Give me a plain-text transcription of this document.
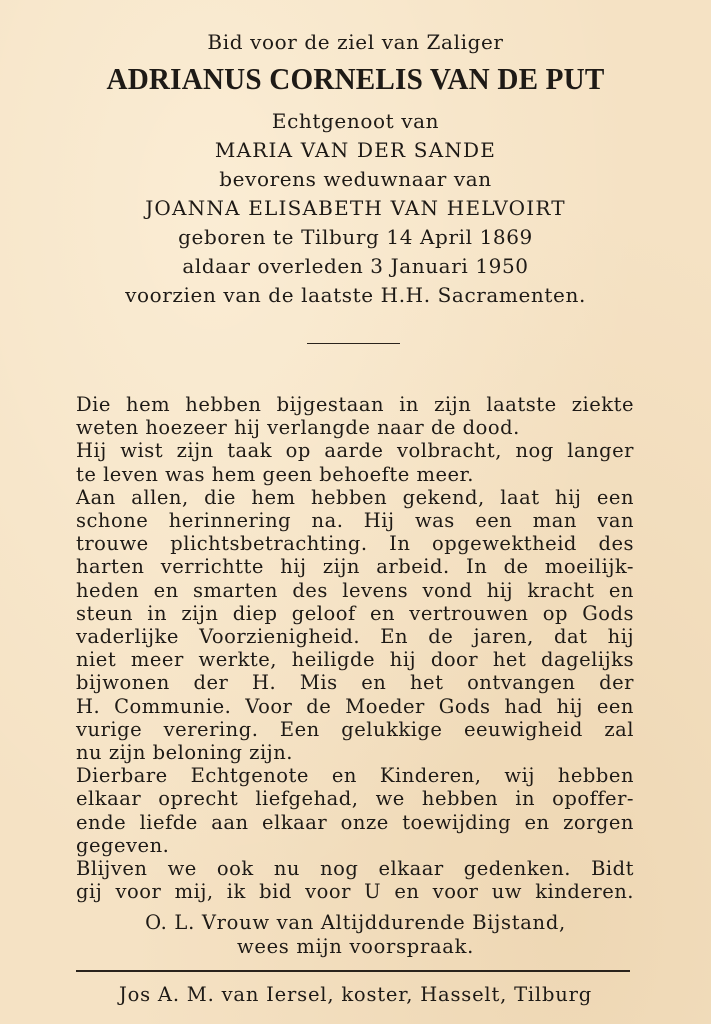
Bid voor de ziel van Zaliger
ADRIANUS CORNELIS VAN DE PUT
Echtgenoot van
MARIA VAN DER SANDE
bevorens weduwnaar van
JOANNA ELISABETH VAN HELVOIRT
geboren te Tilburg 14 April 1869
aldaar overleden 3 Januari 1950
voorzien van de laatste H.H. Sacramenten.
Die hem hebben bijgestaan in zijn laatste ziekte
weten hoezeer hij verlangde naar de dood.
Hij wist zijn taak op aarde volbracht, nog langer
te leven was hem geen behoefte meer.
Aan allen, die hem hebben gekend, laat hij een
schone herinnering na. Hij was een man van
trouwe plichtsbetrachting. In opgewektheid des
harten verrichtte hij zijn arbeid. In de moeilijk-
heden en smarten des levens vond hij kracht en
steun in zijn diep geloof en vertrouwen op Gods
vaderlijke Voorzienigheid. En de jaren, dat hij
niet meer werkte, heiligde hij door het dagelijks
bijwonen der H. Mis en het ontvangen der
H. Communie. Voor de Moeder Gods had hij een
vurige verering. Een gelukkige eeuwigheid zal
nu zijn beloning zijn.
Dierbare Echtgenote en Kinderen, wij hebben
elkaar oprecht liefgehad, we hebben in opoffer-
ende liefde aan elkaar onze toewijding en zorgen
gegeven.
Blijven we ook nu nog elkaar gedenken. Bidt
gij voor mij, ik bid voor U en voor uw kinderen.
O. L. Vrouw van Altijddurende Bijstand,
wees mijn voorspraak.
Jos A. M. van Iersel, koster, Hasselt, Tilburg
